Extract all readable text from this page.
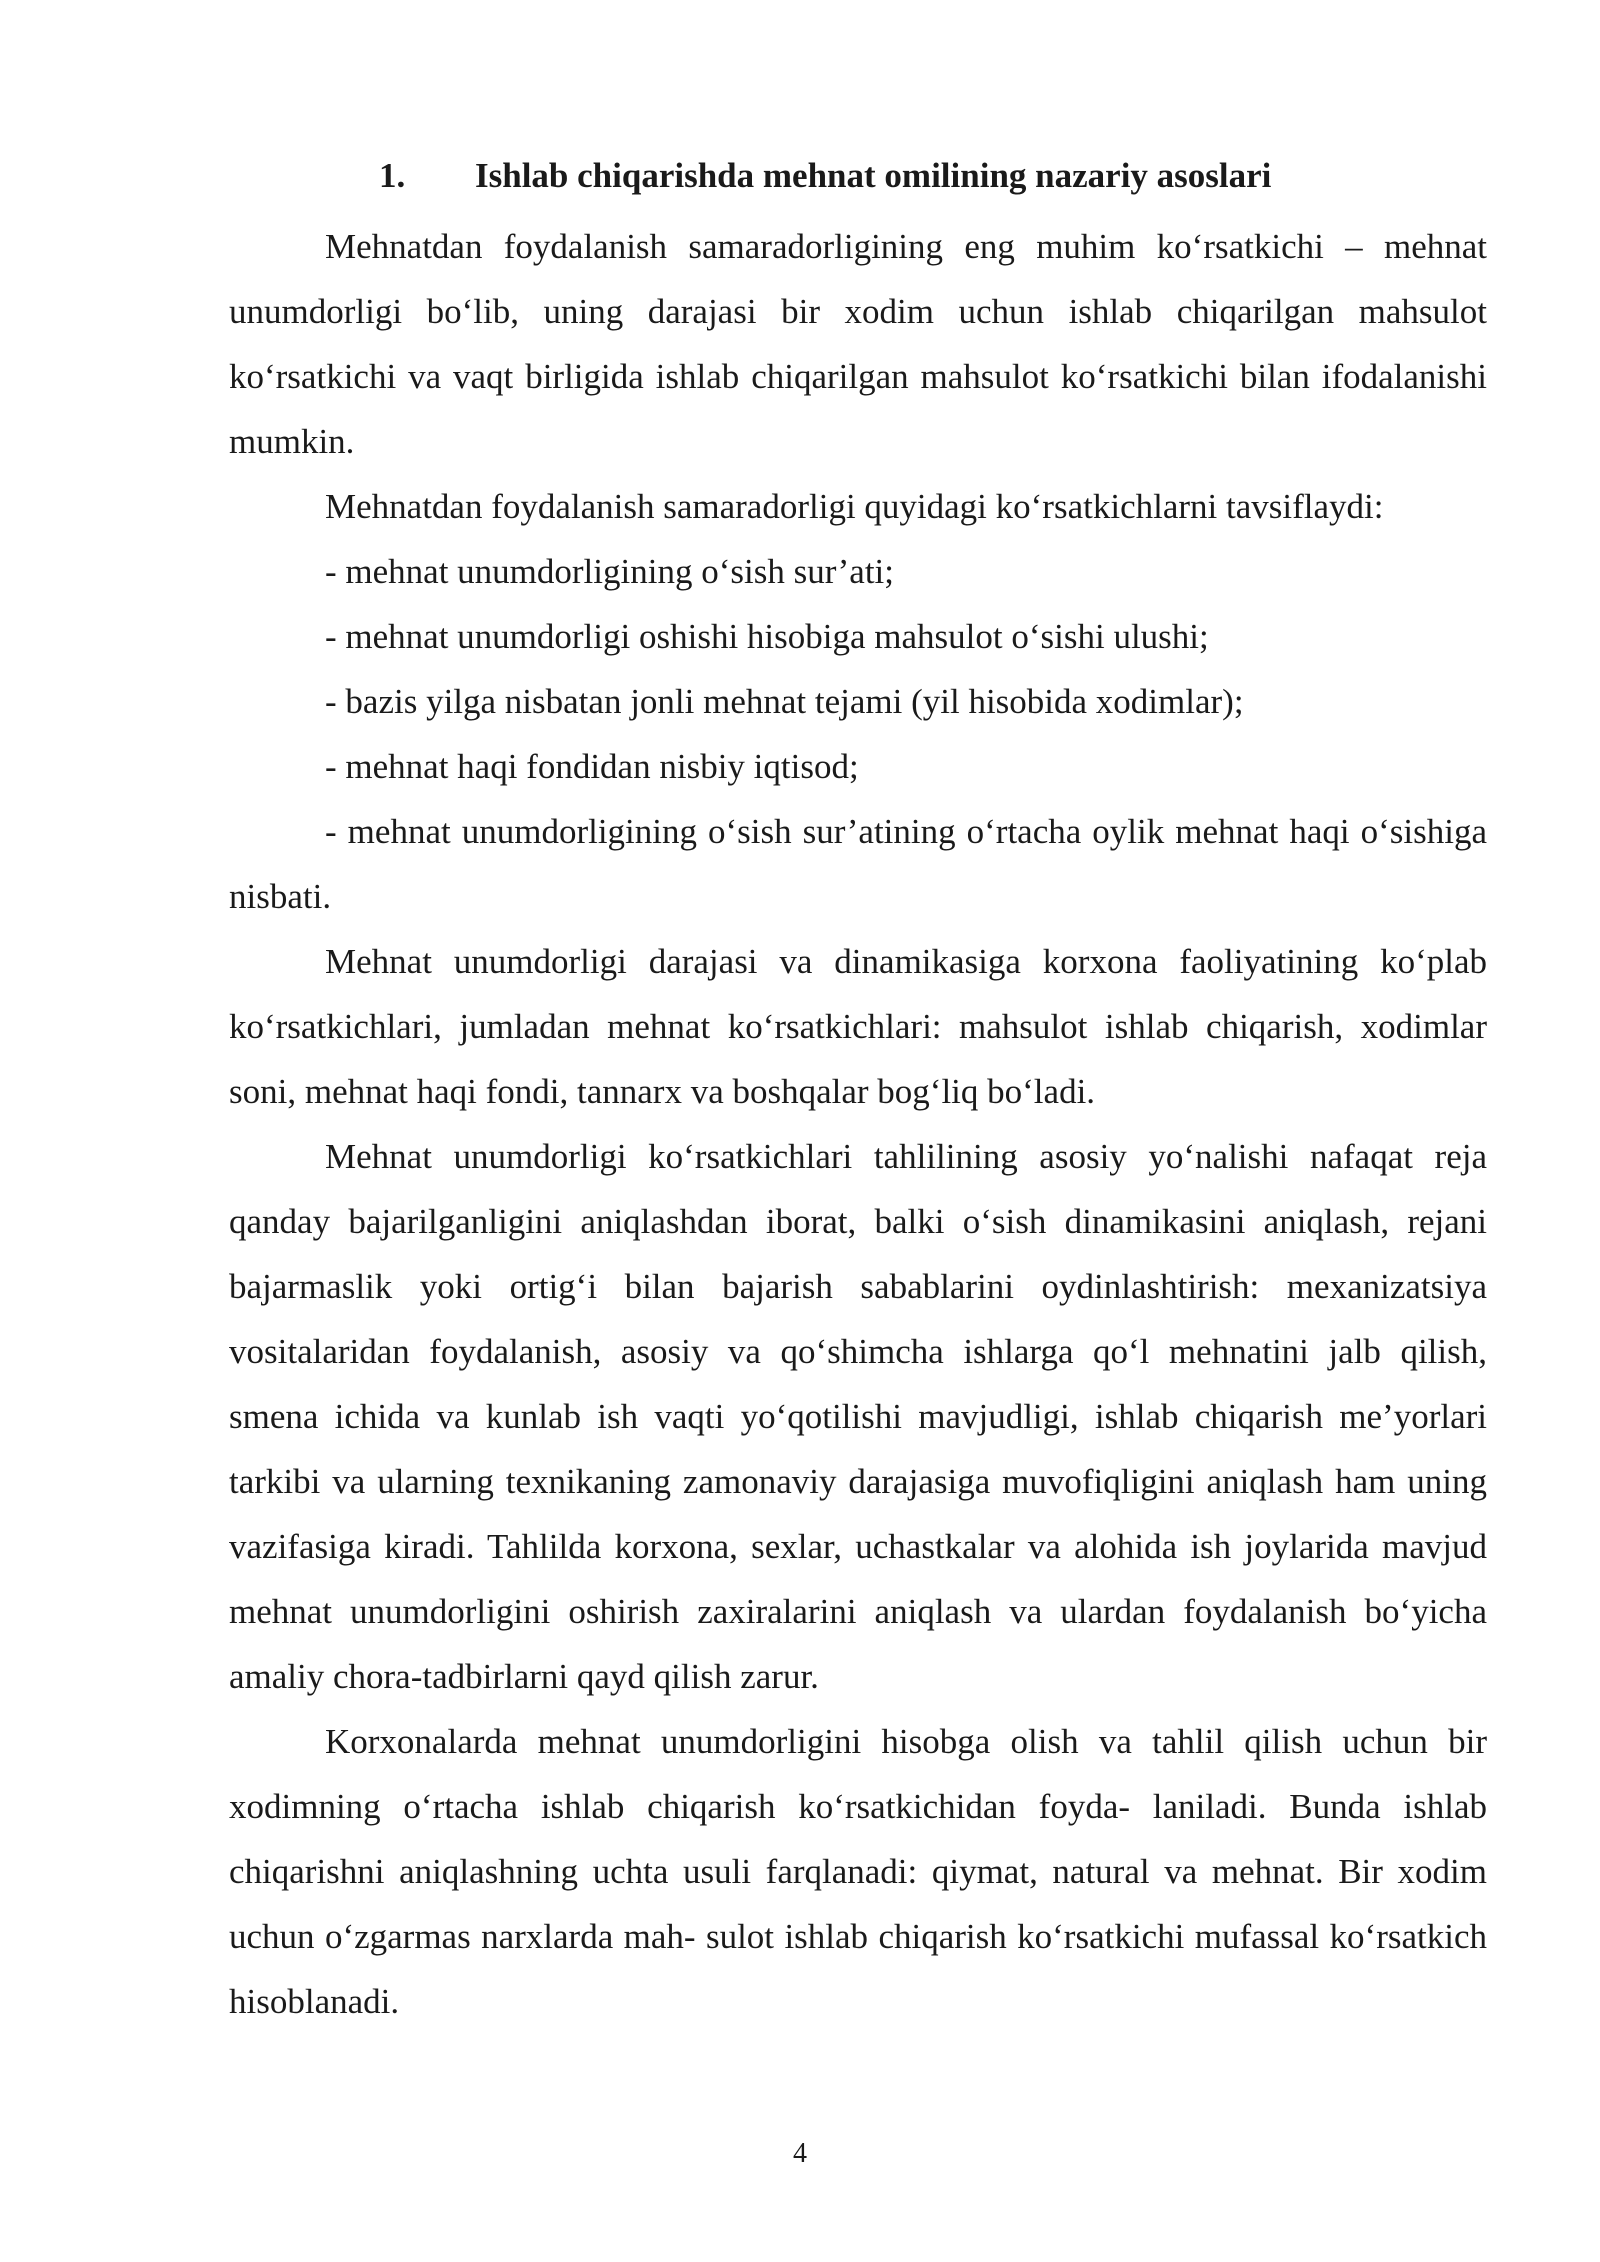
1. Ishlab chiqarishda mehnat omilining nazariy asoslari

Mehnatdan foydalanish samaradorligining eng muhim ko‘rsatkichi – mehnat unumdorligi bo‘lib, uning darajasi bir xodim uchun ishlab chiqarilgan mahsulot ko‘rsatkichi va vaqt birligida ishlab chiqarilgan mahsulot ko‘rsatkichi bilan ifodalanishi mumkin.

Mehnatdan foydalanish samaradorligi quyidagi ko‘rsatkichlarni tavsiflaydi:

- mehnat unumdorligining o‘sish sur’ati;

- mehnat unumdorligi oshishi hisobiga mahsulot o‘sishi ulushi;

- bazis yilga nisbatan jonli mehnat tejami (yil hisobida xodimlar);

- mehnat haqi fondidan nisbiy iqtisod;

- mehnat unumdorligining o‘sish sur’atining o‘rtacha oylik mehnat haqi o‘sishiga nisbati.

Mehnat unumdorligi darajasi va dinamikasiga korxona faoliyatining ko‘plab ko‘rsatkichlari, jumladan mehnat ko‘rsatkichlari: mahsulot ishlab chiqarish, xodimlar soni, mehnat haqi fondi, tannarx va boshqalar bog‘liq bo‘ladi.

Mehnat unumdorligi ko‘rsatkichlari tahlilining asosiy yo‘nalishi nafaqat reja qanday bajarilganligini aniqlashdan iborat, balki o‘sish dinamikasini aniqlash, rejani bajarmaslik yoki ortig‘i bilan bajarish sabablarini oydinlashtirish: mexanizatsiya vositalaridan foydalanish, asosiy va qo‘shimcha ishlarga qo‘l mehnatini jalb qilish, smena ichida va kunlab ish vaqti yo‘qotilishi mavjudligi, ishlab chiqarish me’yorlari tarkibi va ularning texnikaning zamonaviy darajasiga muvofiqligini aniqlash ham uning vazifasiga kiradi. Tahlilda korxona, sexlar, uchastkalar va alohida ish joylarida mavjud mehnat unumdorligini oshirish zaxiralarini aniqlash va ulardan foydalanish bo‘yicha amaliy chora-tadbirlarni qayd qilish zarur.

Korxonalarda mehnat unumdorligini hisobga olish va tahlil qilish uchun bir xodimning o‘rtacha ishlab chiqarish ko‘rsatkichidan foyda- laniladi. Bunda ishlab chiqarishni aniqlashning uchta usuli farqlanadi: qiymat, natural va mehnat. Bir xodim uchun o‘zgarmas narxlarda mah- sulot ishlab chiqarish ko‘rsatkichi mufassal ko‘rsatkich hisoblanadi.

4
